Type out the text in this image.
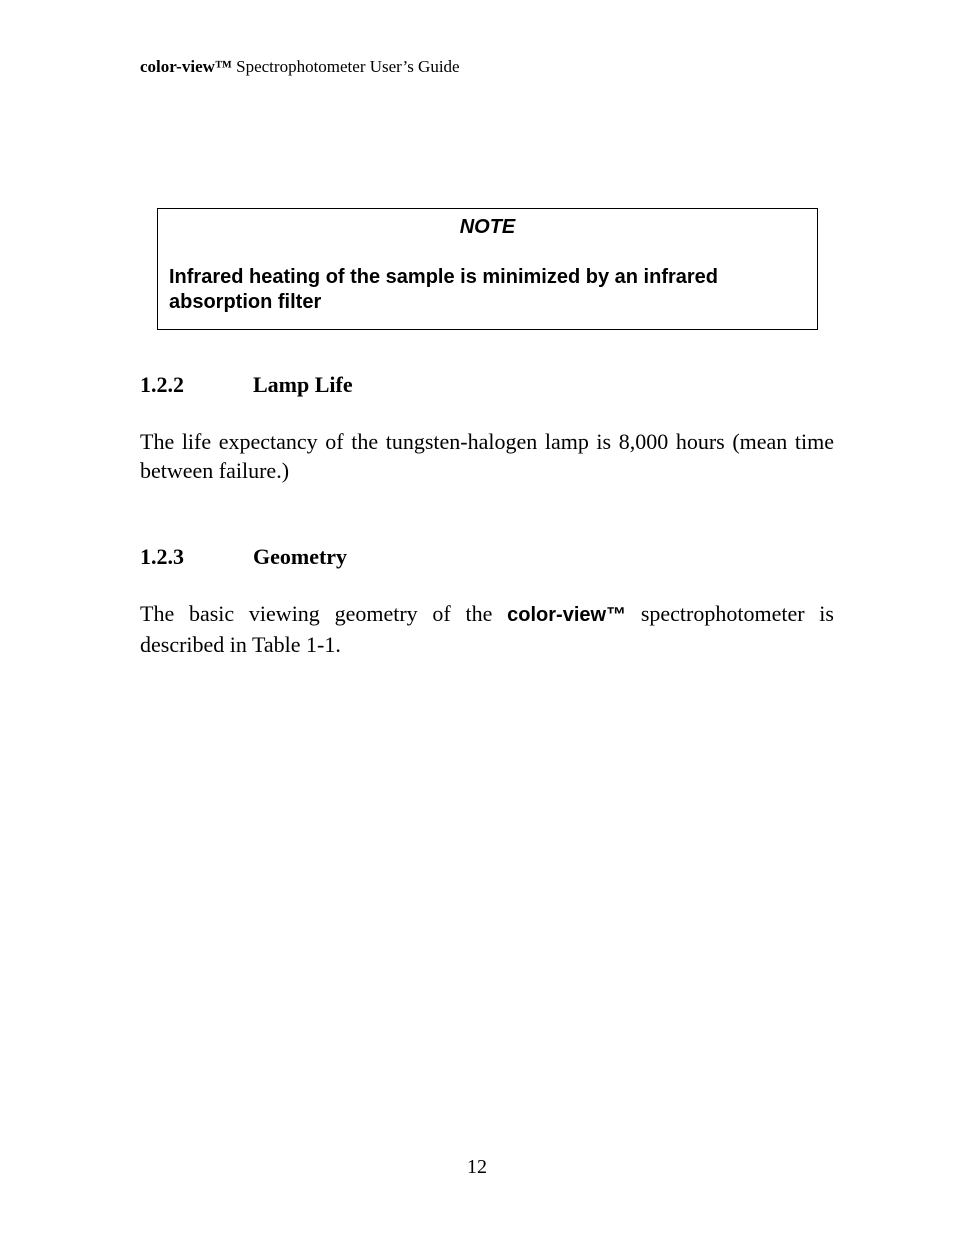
color-view™ Spectrophotometer User’s Guide
NOTE
Infrared heating of the sample is minimized by an infrared absorption filter
1.2.2	Lamp Life
The life expectancy of the tungsten-halogen lamp is 8,000 hours (mean time between failure.)
1.2.3	Geometry
The basic viewing geometry of the color-view™ spectrophotometer is described in Table 1-1.
12
